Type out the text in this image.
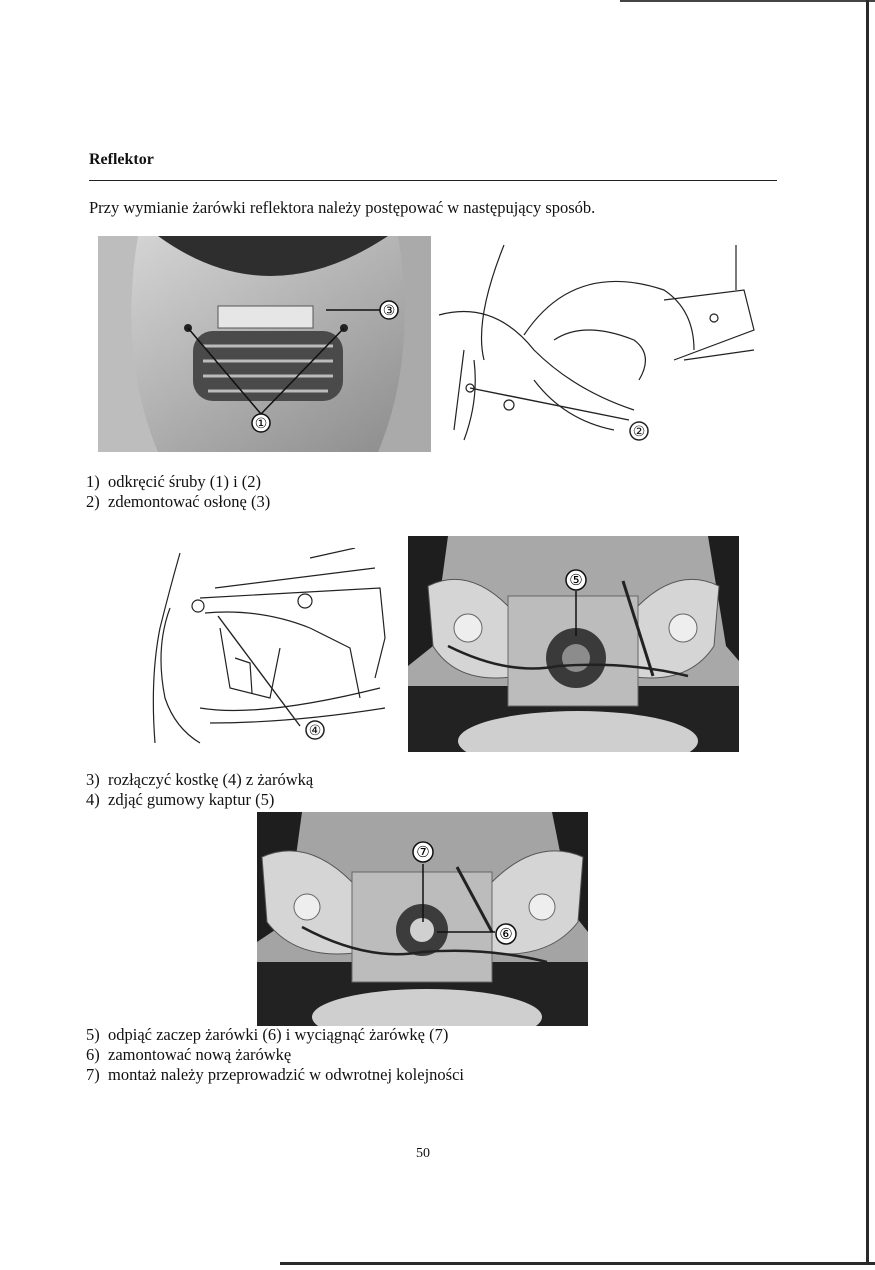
Reflektor
Przy wymianie żarówki reflektora należy postępować w następujący sposób.
①
③
②
1) odkręcić śruby (1) i (2)
2) zdemontować osłonę (3)
④
⑤
3) rozłączyć kostkę (4) z żarówką
4) zdjąć gumowy kaptur (5)
⑦
⑥
5) odpiąć zaczep żarówki (6) i wyciągnąć żarówkę (7)
6) zamontować nową żarówkę
7) montaż należy przeprowadzić w odwrotnej kolejności
50
